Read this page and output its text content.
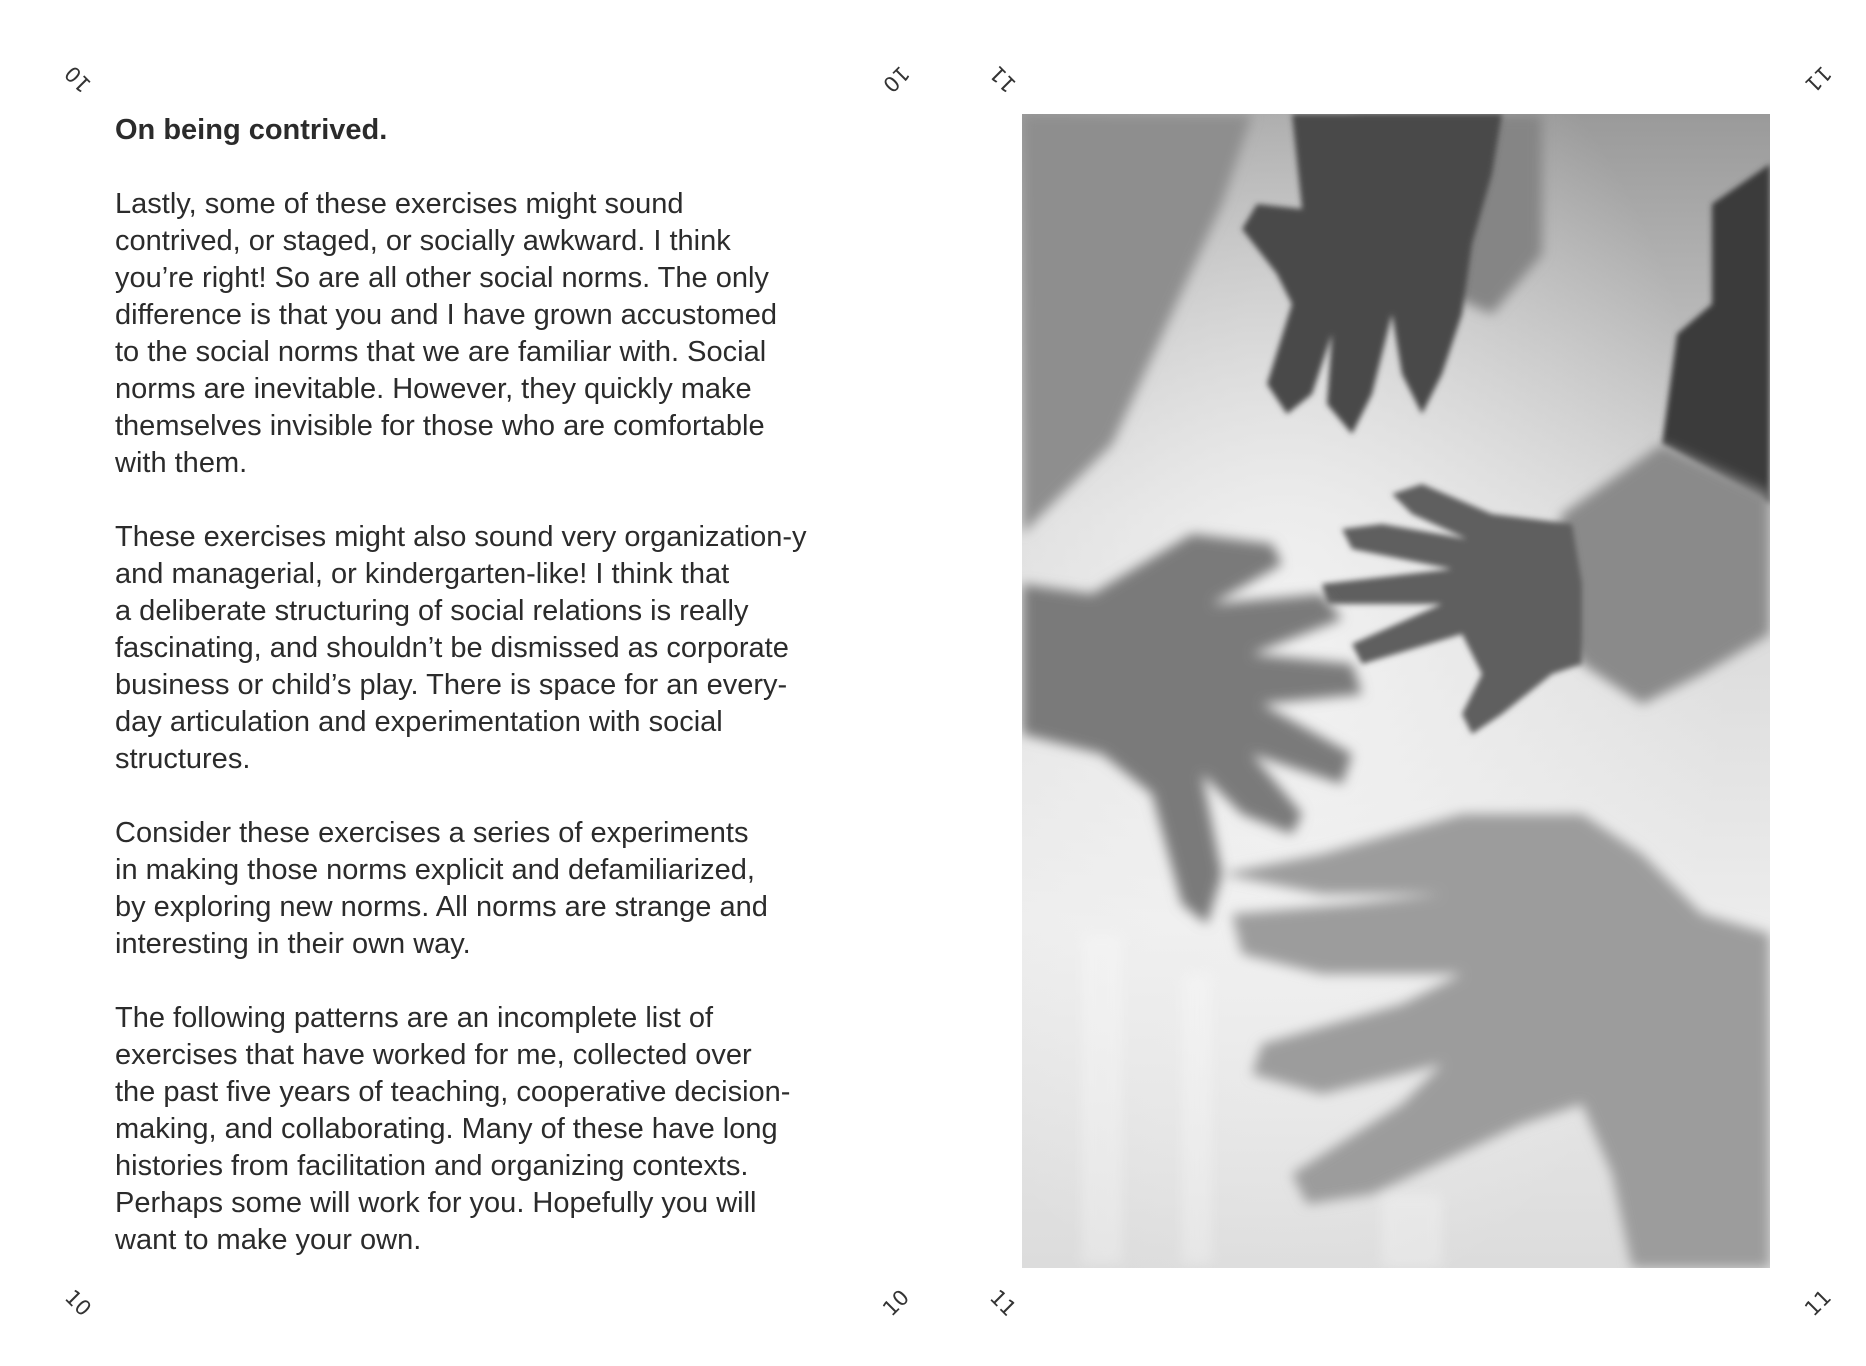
10	10
10	10
On being contrived.

Lastly, some of these exercises might sound
contrived, or staged, or socially awkward. I think
you’re right! So are all other social norms. The only
difference is that you and I have grown accustomed
to the social norms that we are familiar with. Social
norms are inevitable. However, they quickly make
themselves invisible for those who are comfortable
with them.

These exercises might also sound very organization-y
and managerial, or kindergarten-like! I think that
a deliberate structuring of social relations is really
fascinating, and shouldn’t be dismissed as corporate
business or child’s play. There is space for an every-
day articulation and experimentation with social
structures.

Consider these exercises a series of experiments
in making those norms explicit and defamiliarized,
by exploring new norms. All norms are strange and
interesting in their own way.

The following patterns are an incomplete list of
exercises that have worked for me, collected over
the past five years of teaching, cooperative decision-
making, and collaborating. Many of these have long
histories from facilitation and organizing contexts.
Perhaps some will work for you. Hopefully you will
want to make your own.

11	11
11	11
